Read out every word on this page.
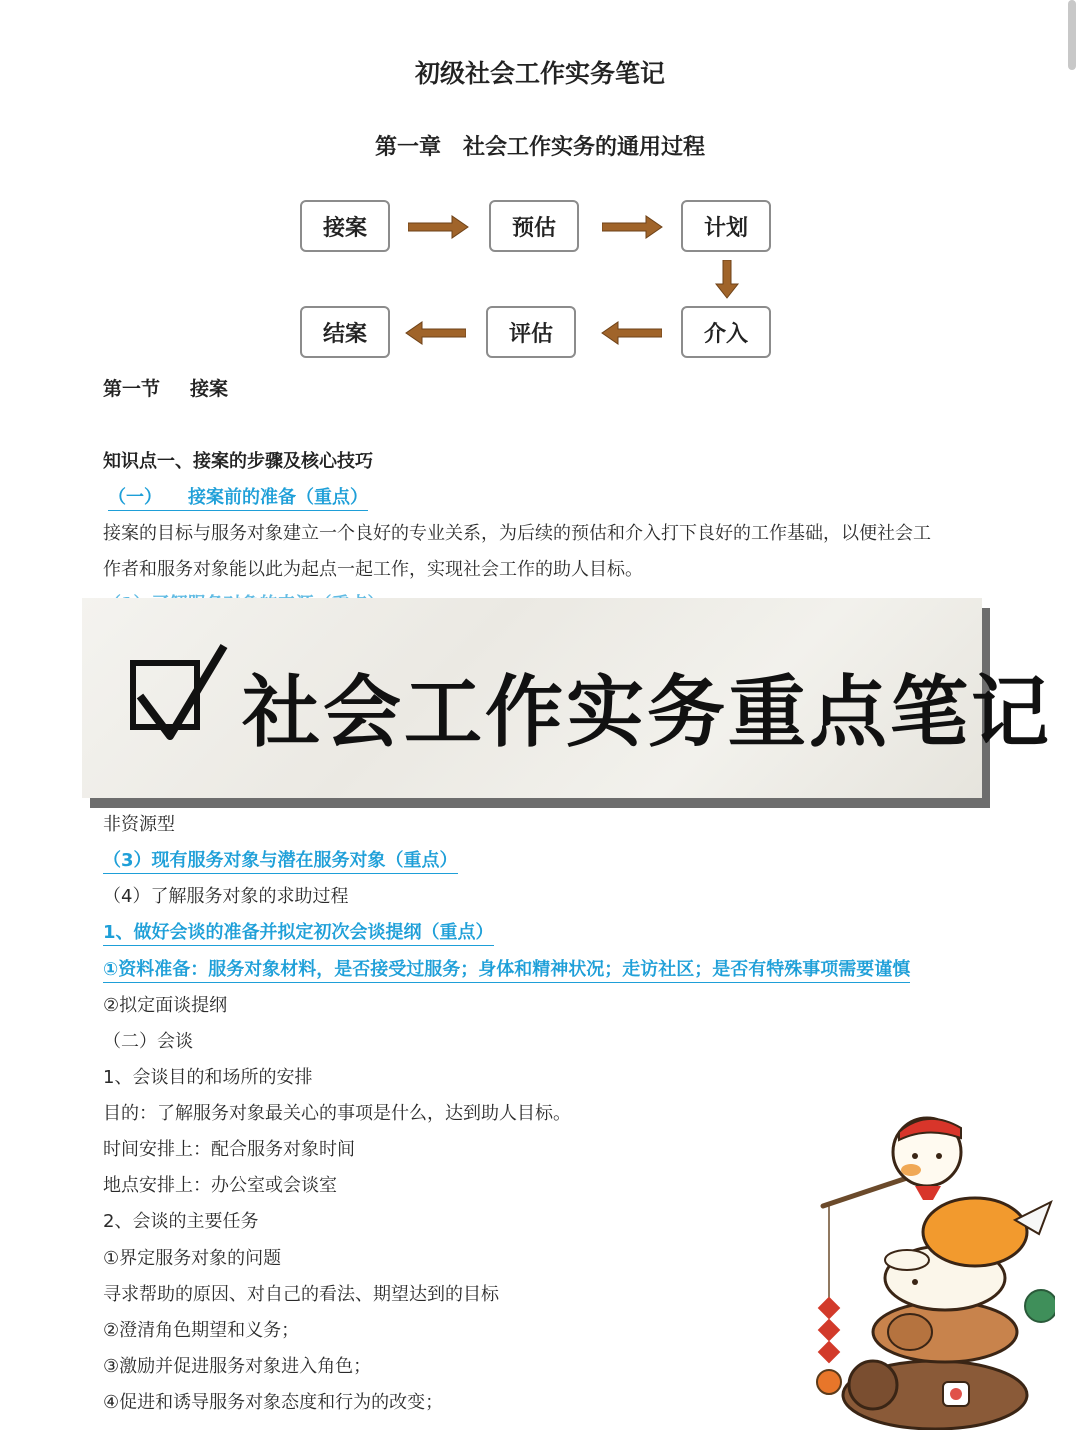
初级社会工作实务笔记
第一章　社会工作实务的通用过程
接案	预估	计划
介入
评估
结案
第一节 接案
知识点一、接案的步骤及核心技巧
（一） 接案前的准备（重点）
接案的目标与服务对象建立一个良好的专业关系，为后续的预估和介入打下良好的工作基础，以便社会工
作者和服务对象能以此为起点一起工作，实现社会工作的助人目标。
社会工作实务重点笔记
非资源型
（3）现有服务对象与潜在服务对象（重点）
（4）了解服务对象的求助过程
1、做好会谈的准备并拟定初次会谈提纲（重点）
①资料准备：服务对象材料，是否接受过服务；身体和精神状况；走访社区；是否有特殊事项需要谨慎
②拟定面谈提纲
（二）会谈
1、会谈目的和场所的安排
目的：了解服务对象最关心的事项是什么，达到助人目标。
时间安排上：配合服务对象时间
地点安排上：办公室或会谈室
2、会谈的主要任务
①界定服务对象的问题
寻求帮助的原因、对自己的看法、期望达到的目标
②澄清角色期望和义务；
③激励并促进服务对象进入角色；
④促进和诱导服务对象态度和行为的改变；
